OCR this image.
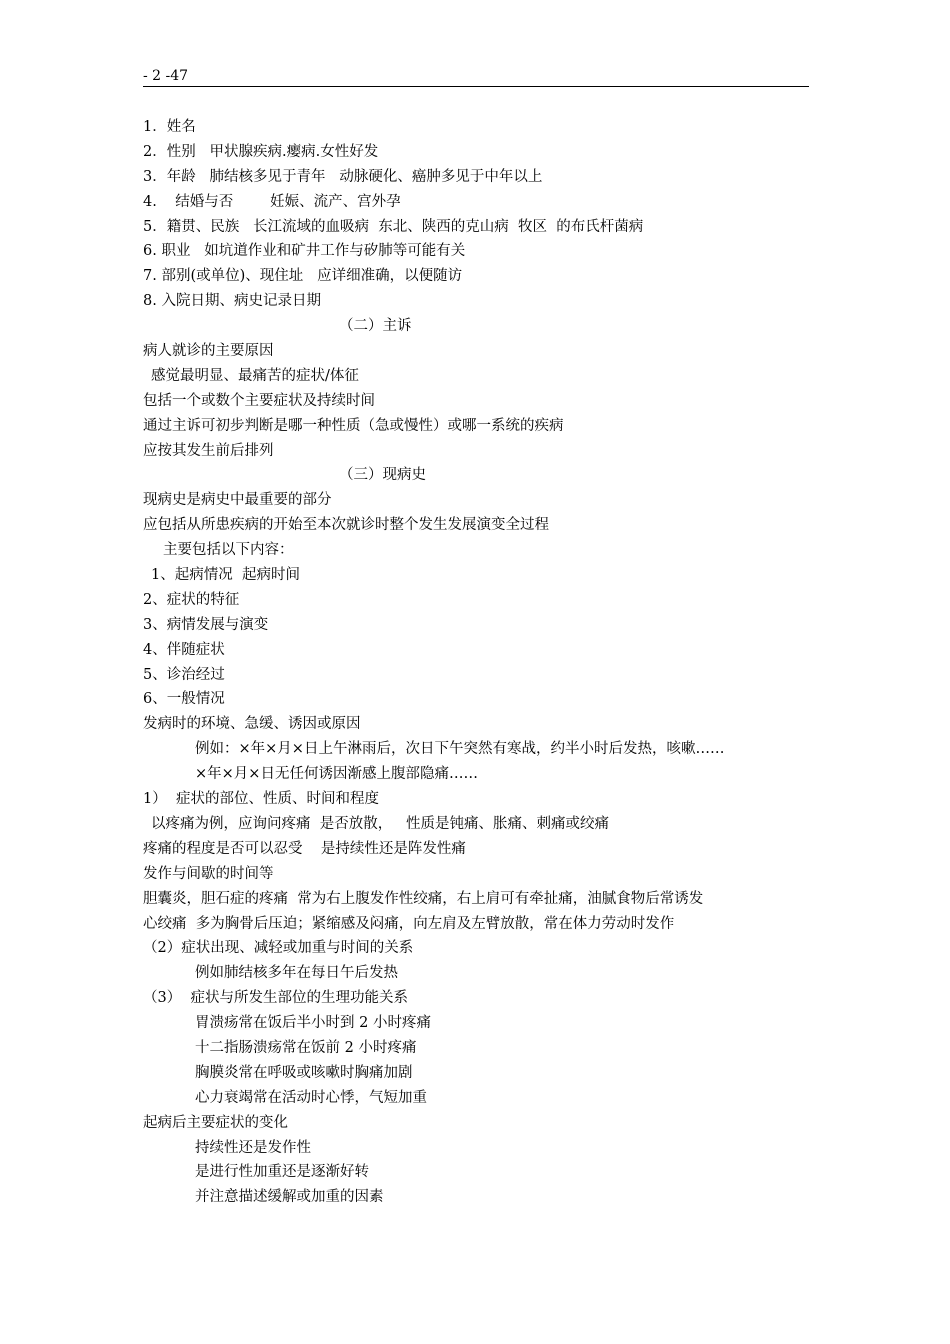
- 2 -47
1．姓名
2．性别   甲状腺疾病.瘿病.女性好发
3．年龄   肺结核多见于青年   动脉硬化、癌肿多见于中年以上
4.    结婚与否        妊娠、流产、宫外孕
5．籍贯、民族   长江流域的血吸病  东北、陕西的克山病  牧区  的布氏杆菌病
6. 职业   如坑道作业和矿井工作与矽肺等可能有关
7. 部别(或单位)、现住址   应详细准确，以便随访
8. 入院日期、病史记录日期
（二）主诉
病人就诊的主要原因
感觉最明显、最痛苦的症状/体征
包括一个或数个主要症状及持续时间
通过主诉可初步判断是哪一种性质（急或慢性）或哪一系统的疾病
应按其发生前后排列
（三）现病史
现病史是病史中最重要的部分
应包括从所患疾病的开始至本次就诊时整个发生发展演变全过程
主要包括以下内容：
1、起病情况  起病时间
2、症状的特征
3、病情发展与演变
4、伴随症状
5、诊治经过
6、一般情况
发病时的环境、急缓、诱因或原因
例如：×年×月×日上午淋雨后，次日下午突然有寒战，约半小时后发热，咳嗽……
×年×月×日无任何诱因渐感上腹部隐痛……
1）  症状的部位、性质、时间和程度
以疼痛为例，应询问疼痛  是否放散，   性质是钝痛、胀痛、刺痛或绞痛
疼痛的程度是否可以忍受    是持续性还是阵发性痛
发作与间歇的时间等
胆囊炎，胆石症的疼痛  常为右上腹发作性绞痛，右上肩可有牵扯痛，油腻食物后常诱发
心绞痛  多为胸骨后压迫；紧缩感及闷痛，向左肩及左臂放散，常在体力劳动时发作
（2）症状出现、减轻或加重与时间的关系
例如肺结核多年在每日午后发热
（3）  症状与所发生部位的生理功能关系
胃溃疡常在饭后半小时到 2 小时疼痛
十二指肠溃疡常在饭前 2 小时疼痛
胸膜炎常在呼吸或咳嗽时胸痛加剧
心力衰竭常在活动时心悸，气短加重
起病后主要症状的变化
持续性还是发作性
是进行性加重还是逐渐好转
并注意描述缓解或加重的因素
